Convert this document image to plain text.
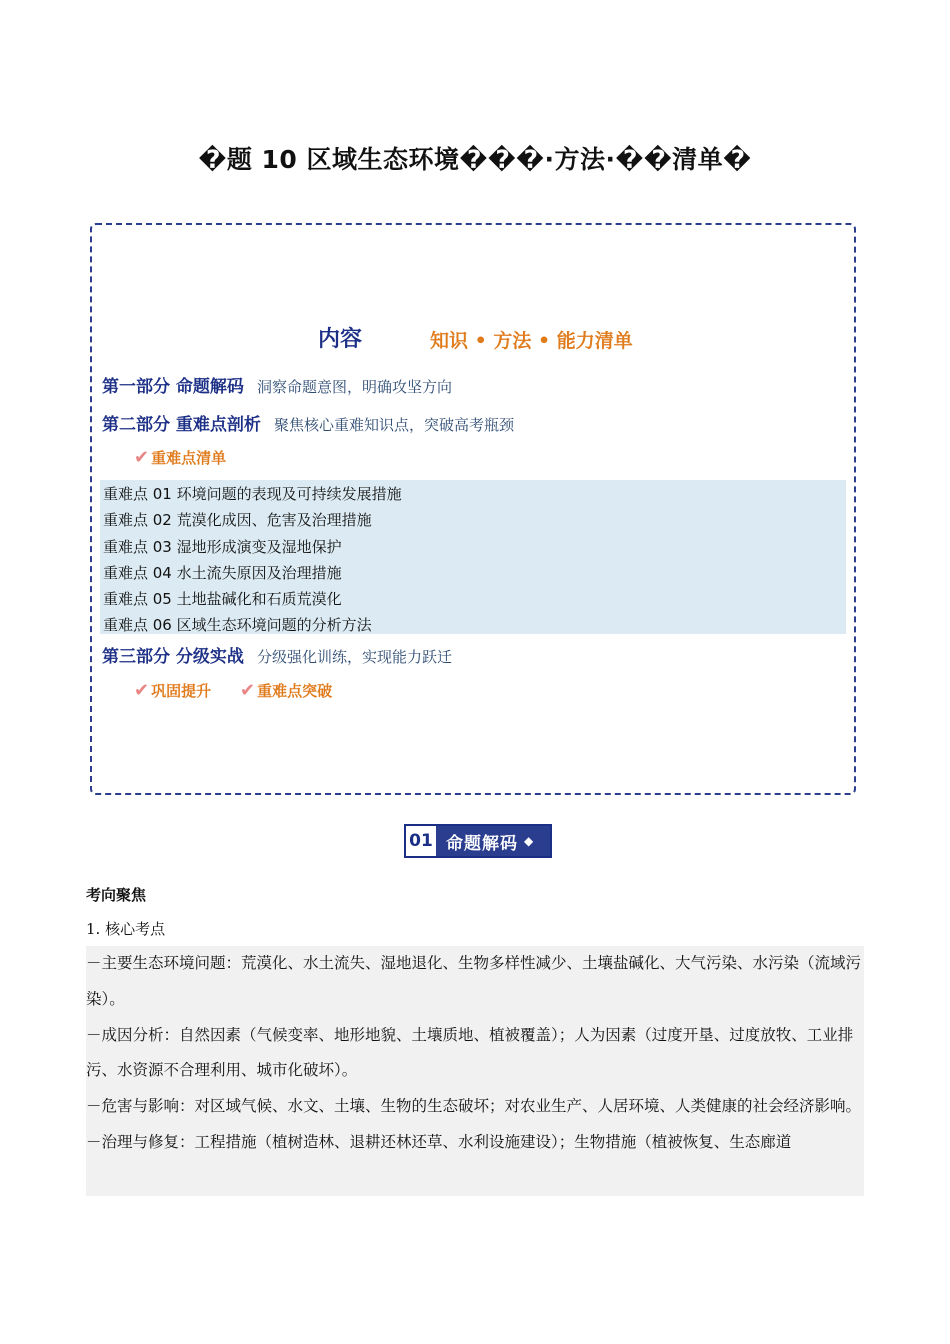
�题 10 区域生态环境���·方法·��清单�
内容	知识 • 方法 • 能力清单
第一部分 命题解码 洞察命题意图，明确攻坚方向
第二部分 重难点剖析 聚焦核心重难知识点，突破高考瓶颈
✔ 重难点清单
重难点 01 环境问题的表现及可持续发展措施
重难点 02 荒漠化成因、危害及治理措施
重难点 03 湿地形成演变及湿地保护
重难点 04 水土流失原因及治理措施
重难点 05 土地盐碱化和石质荒漠化
重难点 06 区域生态环境问题的分析方法
第三部分 分级实战 分级强化训练，实现能力跃迁
✔ 巩固提升 ✔ 重难点突破
01 命题解码 ◆
考向聚焦
1. 核心考点
－主要生态环境问题：荒漠化、水土流失、湿地退化、生物多样性减少、土壤盐碱化、大气污染、水污染（流域污染）。
－成因分析：自然因素（气候变率、地形地貌、土壤质地、植被覆盖）；人为因素（过度开垦、过度放牧、工业排污、水资源不合理利用、城市化破坏）。
－危害与影响：对区域气候、水文、土壤、生物的生态破坏；对农业生产、人居环境、人类健康的社会经济影响。
－治理与修复：工程措施（植树造林、退耕还林还草、水利设施建设）；生物措施（植被恢复、生态廊道
